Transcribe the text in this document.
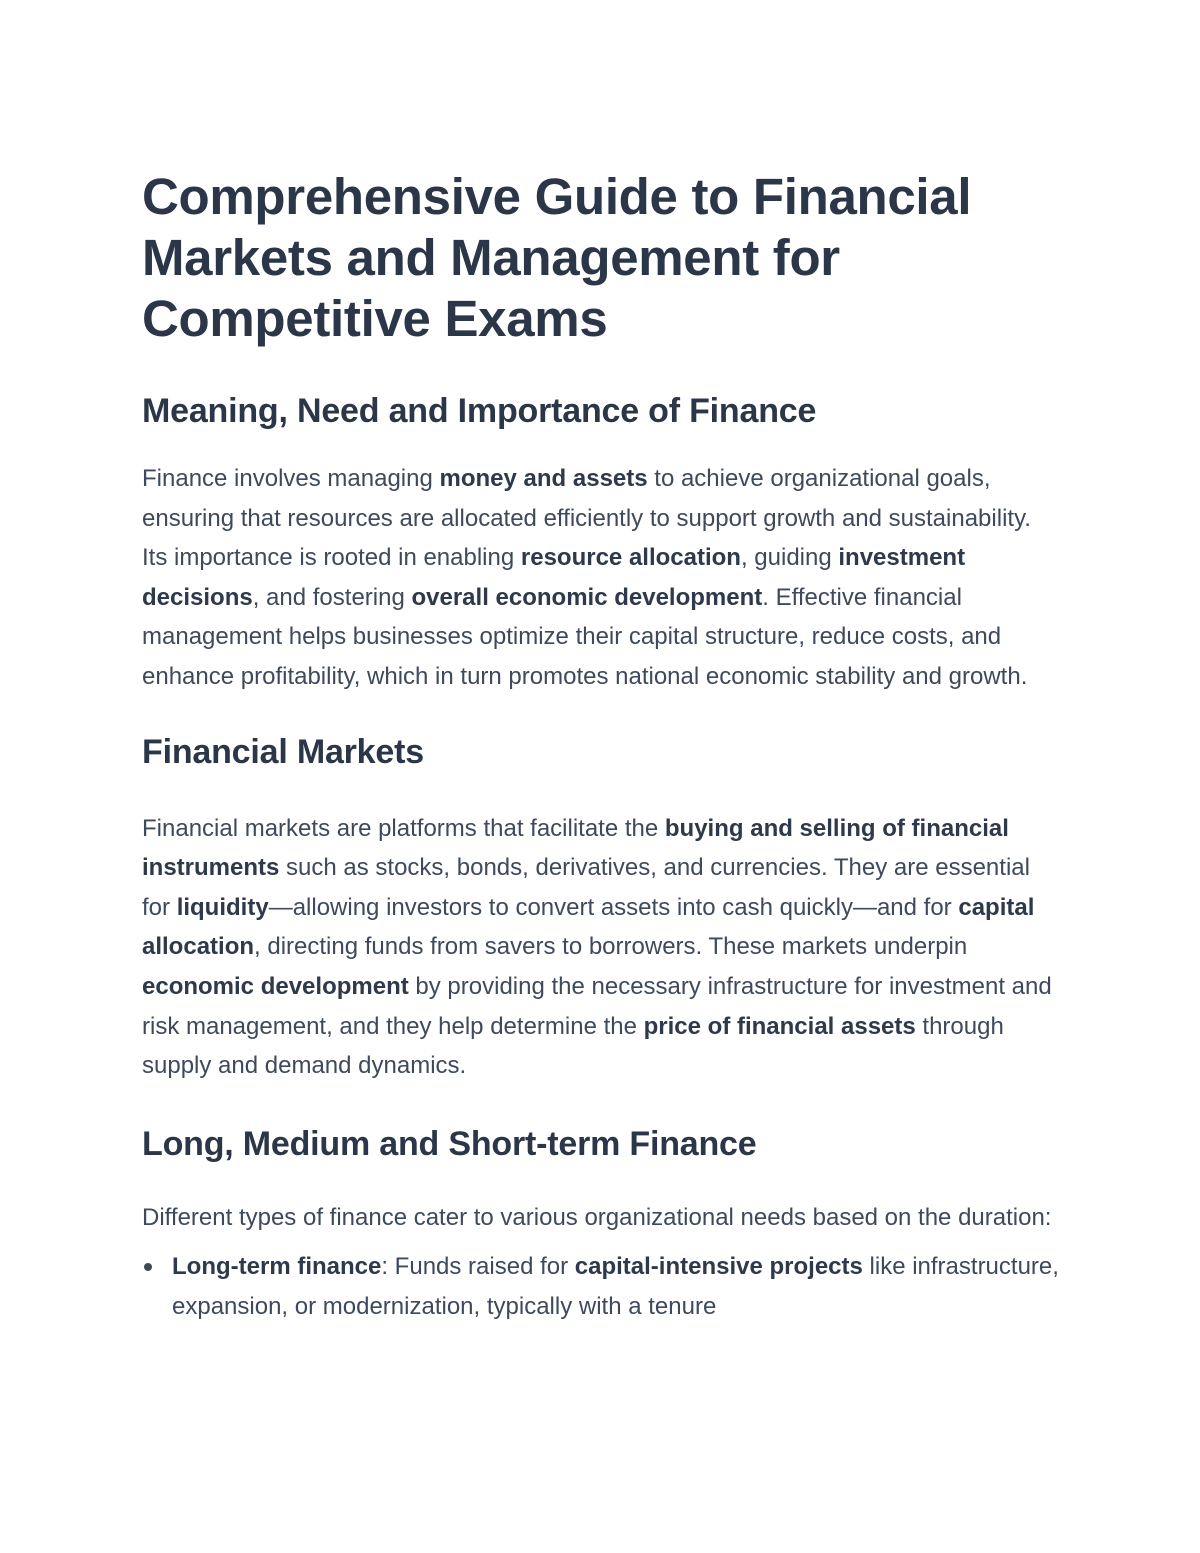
Comprehensive Guide to Financial Markets and Management for Competitive Exams
Meaning, Need and Importance of Finance

Finance involves managing money and assets to achieve organizational goals, ensuring that resources are allocated efficiently to support growth and sustainability. Its importance is rooted in enabling resource allocation, guiding investment decisions, and fostering overall economic development. Effective financial management helps businesses optimize their capital structure, reduce costs, and enhance profitability, which in turn promotes national economic stability and growth.

Financial Markets

Financial markets are platforms that facilitate the buying and selling of financial instruments such as stocks, bonds, derivatives, and currencies. They are essential for liquidity—allowing investors to convert assets into cash quickly—and for capital allocation, directing funds from savers to borrowers. These markets underpin economic development by providing the necessary infrastructure for investment and risk management, and they help determine the price of financial assets through supply and demand dynamics.

Long, Medium and Short-term Finance

Different types of finance cater to various organizational needs based on the duration:

Long-term finance: Funds raised for capital-intensive projects like infrastructure, expansion, or modernization, typically with a tenure
